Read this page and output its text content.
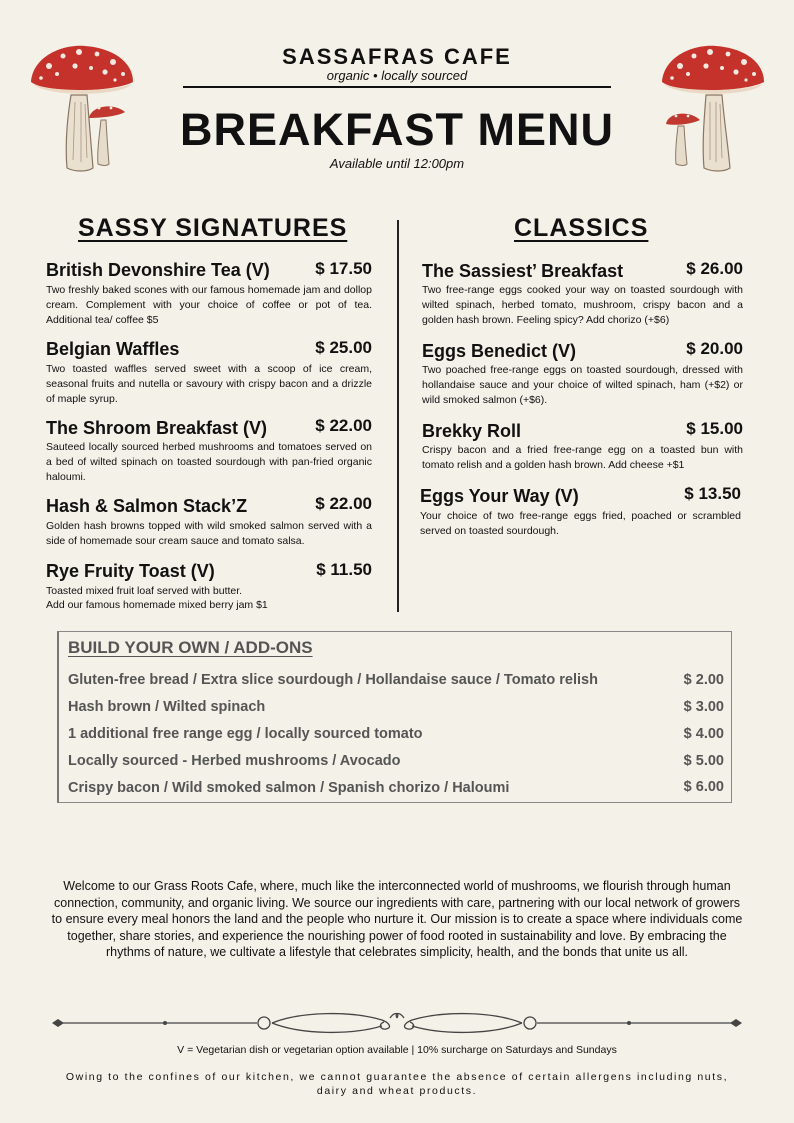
SASSAFRAS CAFE
organic • locally sourced
BREAKFAST MENU
Available until 12:00pm
SASSY SIGNATURES	CLASSICS
British Devonshire Tea (V)	$ 17.50
Two freshly baked scones with our famous homemade jam and dollop cream. Complement with your choice of coffee or pot of tea. Additional tea/ coffee $5
Belgian Waffles	$ 25.00
Two toasted waffles served sweet with a scoop of ice cream, seasonal fruits and nutella or savoury with crispy bacon and a drizzle of maple syrup.
The Shroom Breakfast (V)	$ 22.00
Sauteed locally sourced herbed mushrooms and tomatoes served on a bed of wilted spinach on toasted sourdough with pan-fried organic haloumi.
Hash & Salmon Stack’Z	$ 22.00
Golden hash browns topped with wild smoked salmon served with a side of homemade sour cream sauce and tomato salsa.
Rye Fruity Toast (V)	$ 11.50
Toasted mixed fruit loaf served with butter.
Add our famous homemade mixed berry jam $1
The Sassiest’ Breakfast	$ 26.00
Two free-range eggs cooked your way on toasted sourdough with wilted spinach, herbed tomato, mushroom, crispy bacon and a golden hash brown. Feeling spicy? Add chorizo (+$6)
Eggs Benedict (V)	$ 20.00
Two poached free-range eggs on toasted sourdough, dressed with hollandaise sauce and your choice of wilted spinach, ham (+$2) or wild smoked salmon (+$6).
Brekky Roll	$ 15.00
Crispy bacon and a fried free-range egg on a toasted bun with tomato relish and a golden hash brown. Add cheese +$1
Eggs Your Way (V)	$ 13.50
Your choice of two free-range eggs fried, poached or scrambled served on toasted sourdough.
BUILD YOUR OWN / ADD-ONS
Gluten-free bread / Extra slice sourdough / Hollandaise sauce / Tomato relish	$ 2.00
Hash brown / Wilted spinach	$ 3.00
1 additional free range egg / locally sourced tomato	$ 4.00
Locally sourced - Herbed mushrooms / Avocado	$ 5.00
Crispy bacon / Wild smoked salmon / Spanish chorizo / Haloumi	$ 6.00
Welcome to our Grass Roots Cafe, where, much like the interconnected world of mushrooms, we flourish through human connection, community, and organic living. We source our ingredients with care, partnering with our local network of growers to ensure every meal honors the land and the people who nurture it. Our mission is to create a space where individuals come together, share stories, and experience the nourishing power of food rooted in sustainability and love. By embracing the rhythms of nature, we cultivate a lifestyle that celebrates simplicity, health, and the bonds that unite us all.
V = Vegetarian dish or vegetarian option available | 10% surcharge on Saturdays and Sundays
Owing to the confines of our kitchen, we cannot guarantee the absence of certain allergens including nuts, dairy and wheat products.
